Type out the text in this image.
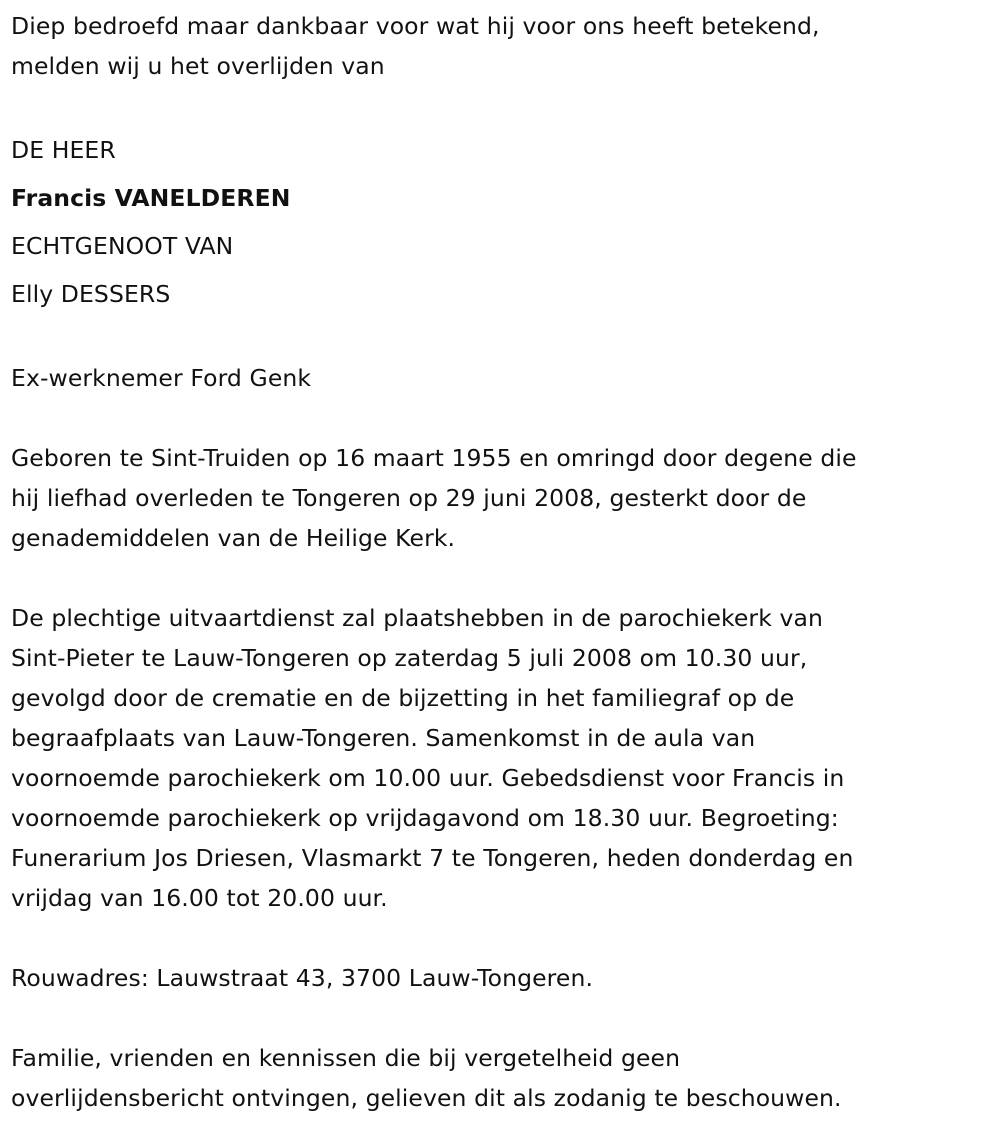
Diep bedroefd maar dankbaar voor wat hij voor ons heeft betekend,
melden wij u het overlijden van

DE HEER

Francis VANELDEREN

ECHTGENOOT VAN

Elly DESSERS

Ex-werknemer Ford Genk

Geboren te Sint-Truiden op 16 maart 1955 en omringd door degene die
hij liefhad overleden te Tongeren op 29 juni 2008, gesterkt door de
genademiddelen van de Heilige Kerk.

De plechtige uitvaartdienst zal plaatshebben in de parochiekerk van
Sint-Pieter te Lauw-Tongeren op zaterdag 5 juli 2008 om 10.30 uur,
gevolgd door de crematie en de bijzetting in het familiegraf op de
begraafplaats van Lauw-Tongeren. Samenkomst in de aula van
voornoemde parochiekerk om 10.00 uur. Gebedsdienst voor Francis in
voornoemde parochiekerk op vrijdagavond om 18.30 uur. Begroeting:
Funerarium Jos Driesen, Vlasmarkt 7 te Tongeren, heden donderdag en
vrijdag van 16.00 tot 20.00 uur.

Rouwadres: Lauwstraat 43, 3700 Lauw-Tongeren.

Familie, vrienden en kennissen die bij vergetelheid geen
overlijdensbericht ontvingen, gelieven dit als zodanig te beschouwen.
